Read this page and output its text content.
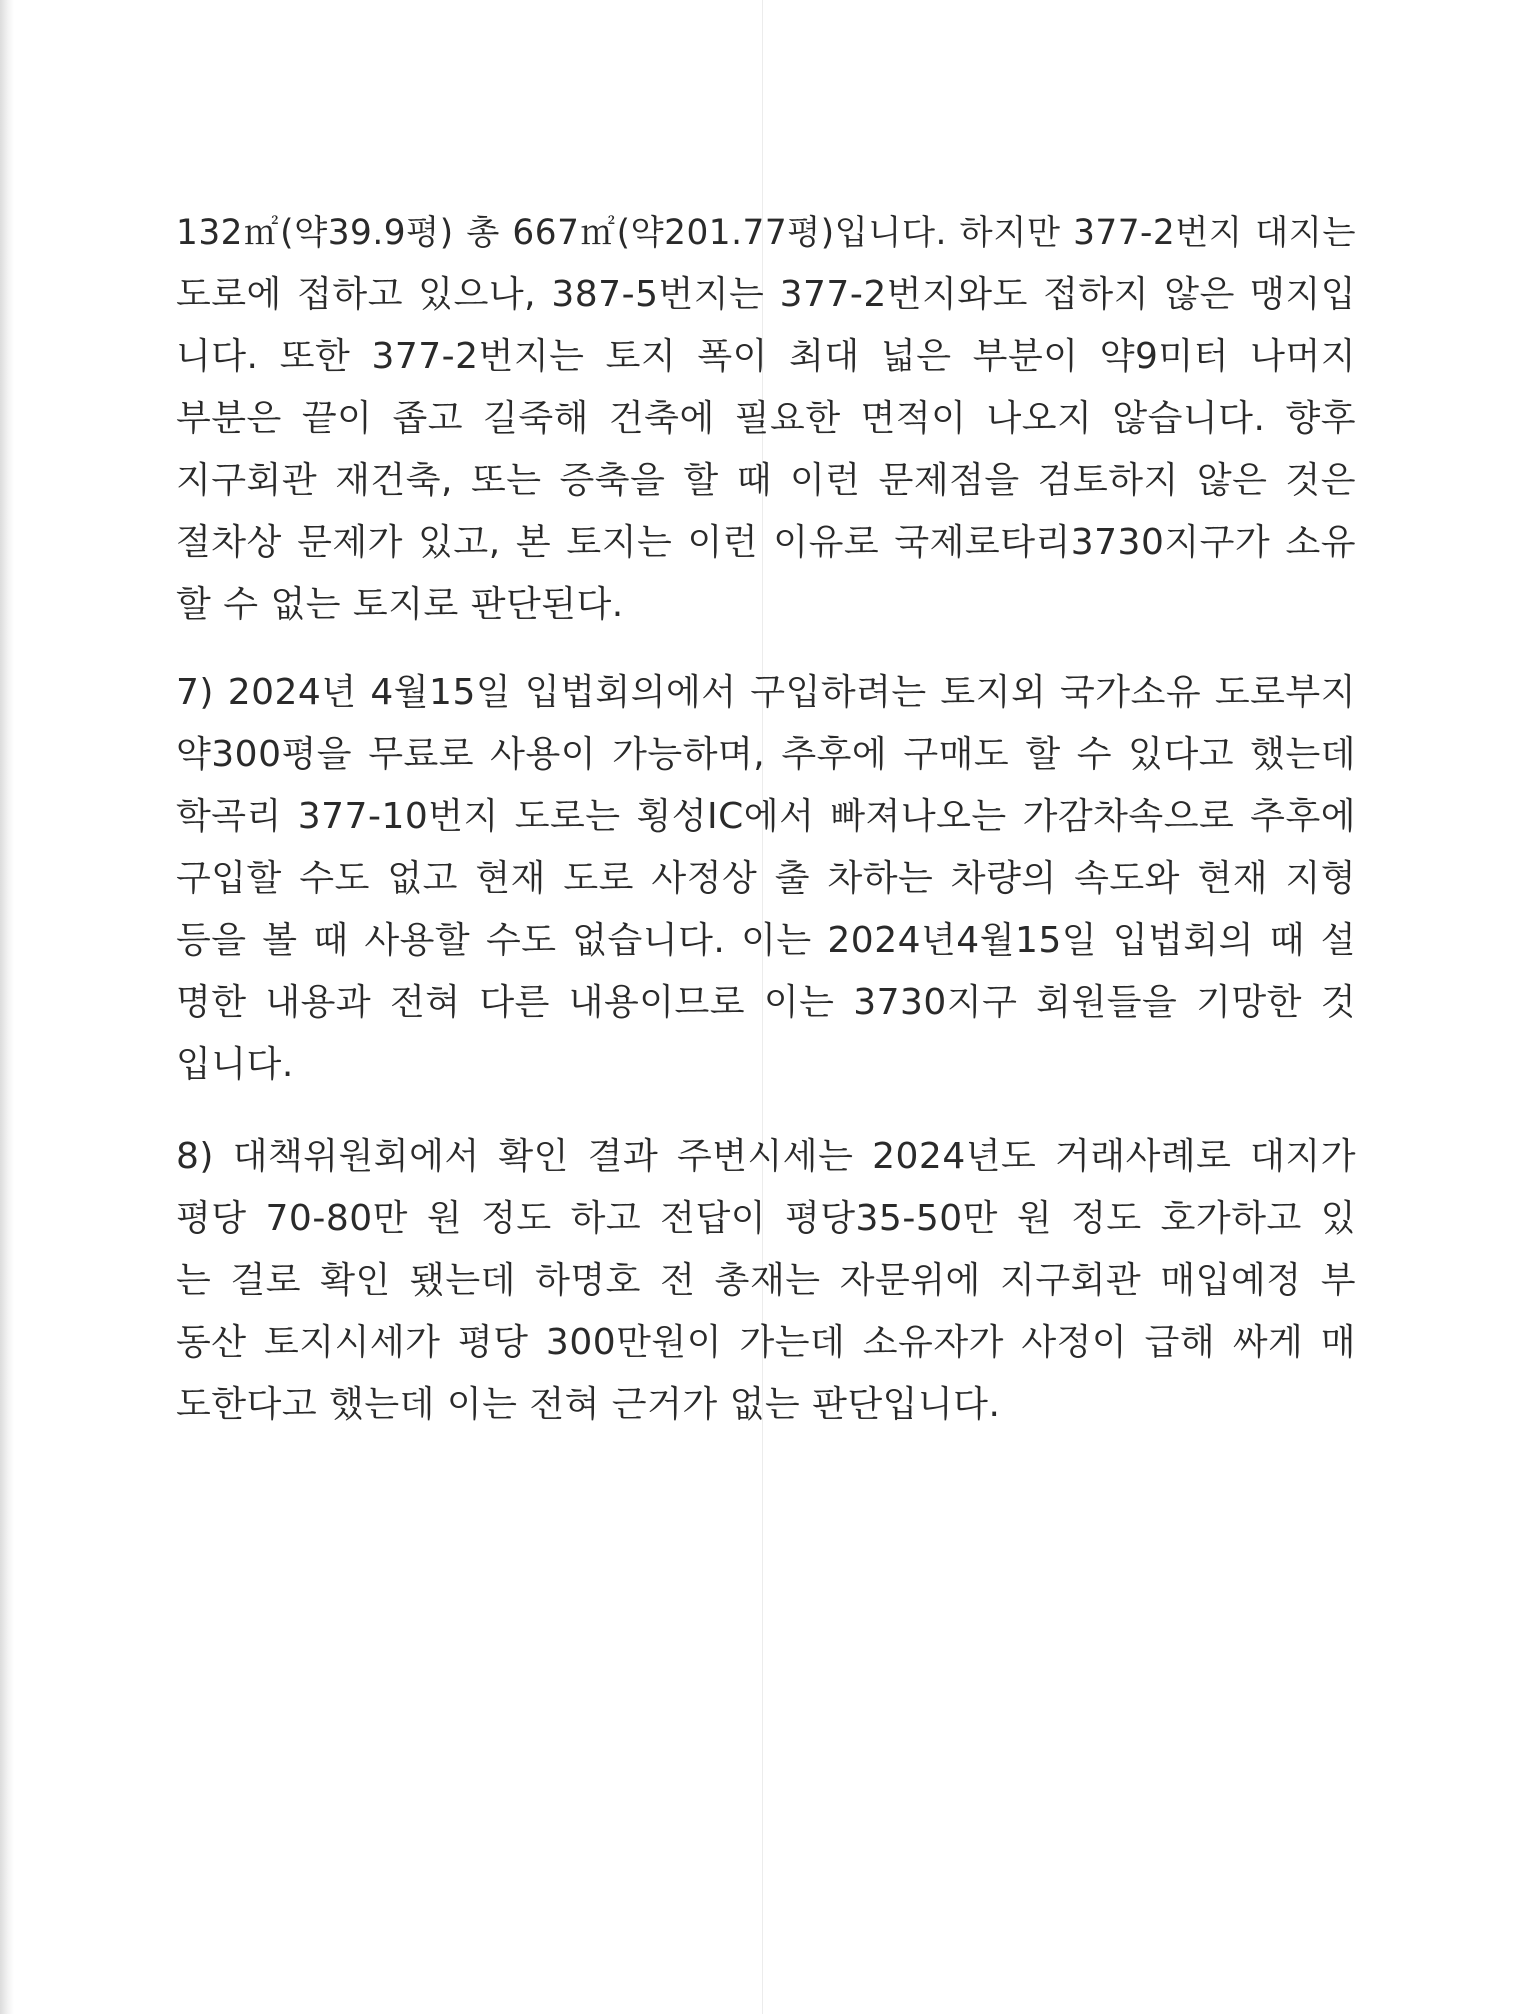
132㎡(약39.9평) 총 667㎡(약201.77평)입니다. 하지만 377-2번지 대지는
도로에 접하고 있으나, 387-5번지는 377-2번지와도 접하지 않은 맹지입
니다. 또한 377-2번지는 토지 폭이 최대 넓은 부분이 약9미터 나머지
부분은 끝이 좁고 길죽해 건축에 필요한 면적이 나오지 않습니다. 향후
지구회관 재건축, 또는 증축을 할 때 이런 문제점을 검토하지 않은 것은
절차상 문제가 있고, 본 토지는 이런 이유로 국제로타리3730지구가 소유
할 수 없는 토지로 판단된다.
7) 2024년 4월15일 입법회의에서 구입하려는 토지외 국가소유 도로부지
약300평을 무료로 사용이 가능하며, 추후에 구매도 할 수 있다고 했는데
학곡리 377-10번지 도로는 횡성IC에서 빠져나오는 가감차속으로 추후에
구입할 수도 없고 현재 도로 사정상 출 차하는 차량의 속도와 현재 지형
등을 볼 때 사용할 수도 없습니다. 이는 2024년4월15일 입법회의 때 설
명한 내용과 전혀 다른 내용이므로 이는 3730지구 회원들을 기망한 것
입니다.
8) 대책위원회에서 확인 결과 주변시세는 2024년도 거래사례로 대지가
평당 70-80만 원 정도 하고 전답이 평당35-50만 원 정도 호가하고 있
는 걸로 확인 됐는데 하명호 전 총재는 자문위에 지구회관 매입예정 부
동산 토지시세가 평당 300만원이 가는데 소유자가 사정이 급해 싸게 매
도한다고 했는데 이는 전혀 근거가 없는 판단입니다.
